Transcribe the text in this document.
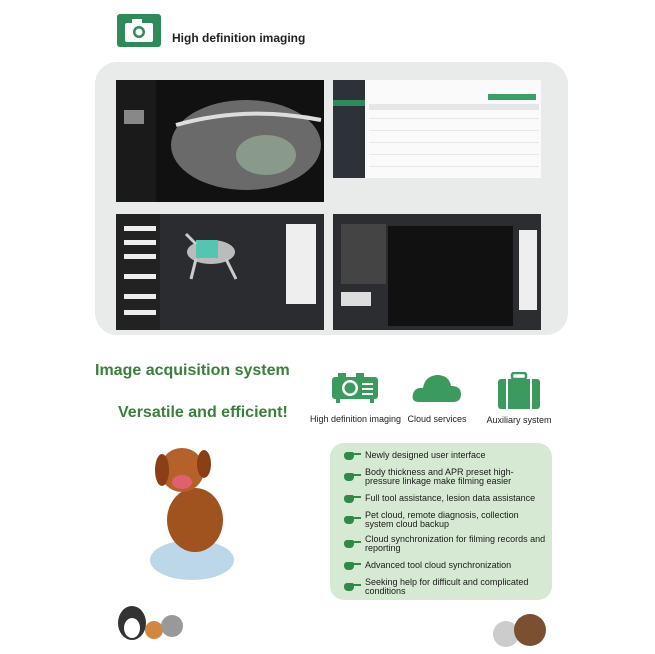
High definition imaging
Image acquisition system
Versatile and efficient! High definition imaging Cloud services	Auxiliary system
Newly designed user interface
Body thickness and APR preset high-pressure linkage make filming easier
Full tool assistance, lesion data assistance
Pet cloud, remote diagnosis, collection system cloud backup
Cloud synchronization for filming records and reporting
Advanced tool cloud synchronization
Seeking help for difficult and complicated conditions
